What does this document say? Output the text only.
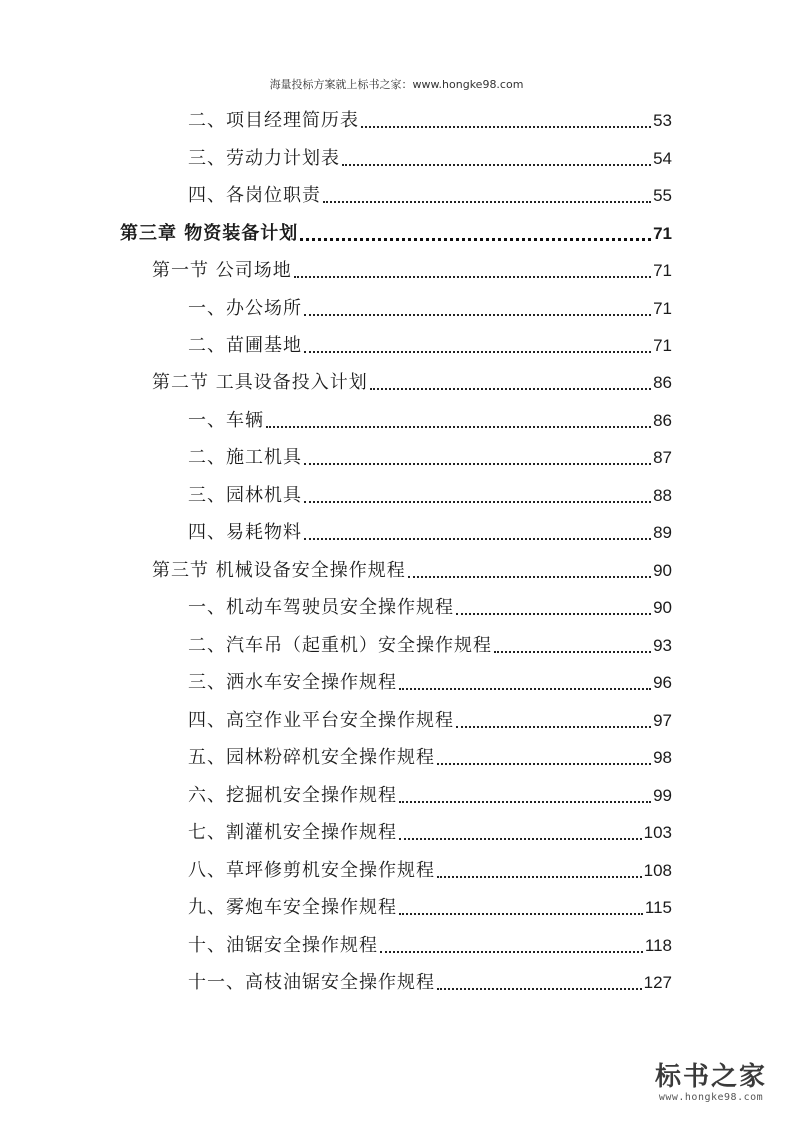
海量投标方案就上标书之家：www.hongke98.com
二、项目经理简历表	53
三、劳动力计划表	54
四、各岗位职责	55
第三章 物资装备计划	71
第一节 公司场地	71
一、办公场所	71
二、苗圃基地	71
第二节 工具设备投入计划	86
一、车辆	86
二、施工机具	87
三、园林机具	88
四、易耗物料	89
第三节 机械设备安全操作规程	90
一、机动车驾驶员安全操作规程	90
二、汽车吊（起重机）安全操作规程	93
三、洒水车安全操作规程	96
四、高空作业平台安全操作规程	97
五、园林粉碎机安全操作规程	98
六、挖掘机安全操作规程	99
七、割灌机安全操作规程	103
八、草坪修剪机安全操作规程	108
九、雾炮车安全操作规程	115
十、油锯安全操作规程	118
十一、高枝油锯安全操作规程	127
标书之家
www.hongke98.com
